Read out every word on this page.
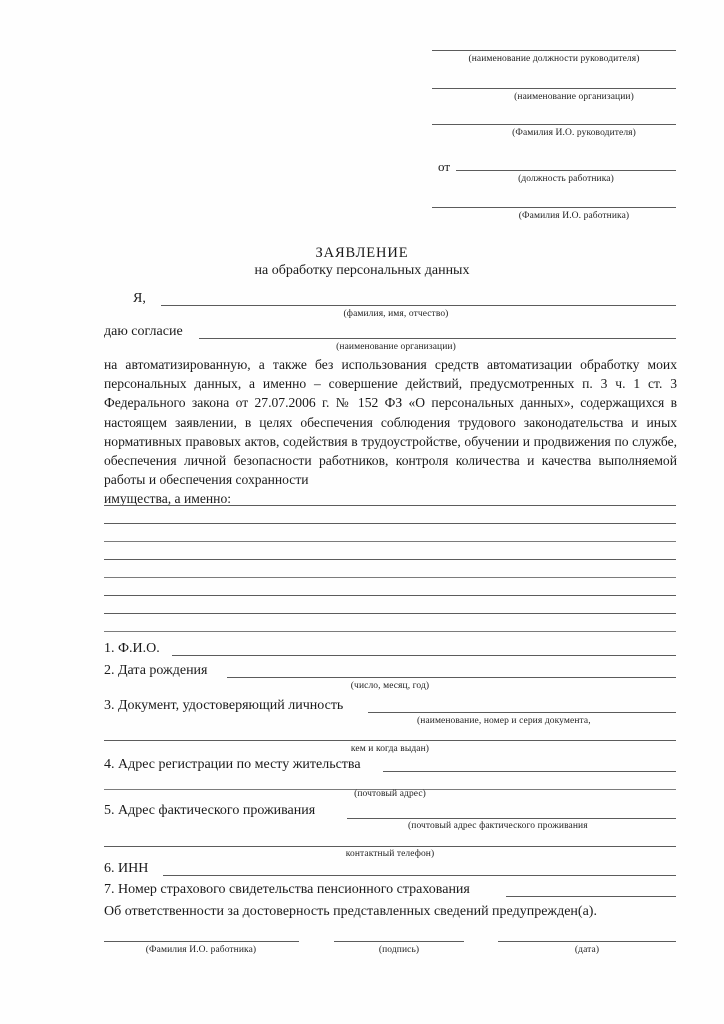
(наименование должности руководителя)
(наименование организации)
(Фамилия И.О. руководителя)
от
(должность работника)
(Фамилия И.О. работника)
ЗАЯВЛЕНИЕ
на обработку персональных данных
Я,
(фамилия, имя, отчество)
даю согласие
(наименование организации)
на автоматизированную, а также без использования средств автоматизации обработку моих персональных данных, а именно – совершение действий, предусмотренных п. 3 ч. 1 ст. 3 Федерального закона от 27.07.2006 г. № 152 ФЗ «О персональных данных», содержащихся в настоящем заявлении, в целях обеспечения соблюдения трудового законодательства и иных нормативных правовых актов, содействия в трудоустройстве, обучении и продвижения по службе, обеспечения личной безопасности работников, контроля количества и качества выполняемой работы и обеспечения сохранности
имущества, а именно:
1. Ф.И.О.
2. Дата рождения
(число, месяц, год)
3. Документ, удостоверяющий личность
(наименование, номер и серия документа,
кем и когда выдан)
4. Адрес регистрации по месту жительства
(почтовый адрес)
5. Адрес фактического проживания
(почтовый адрес фактического проживания
контактный телефон)
6. ИНН
7. Номер страхового свидетельства пенсионного страхования
Об ответственности за достоверность представленных сведений предупрежден(а).
(Фамилия И.О. работника)	(подпись)	(дата)
